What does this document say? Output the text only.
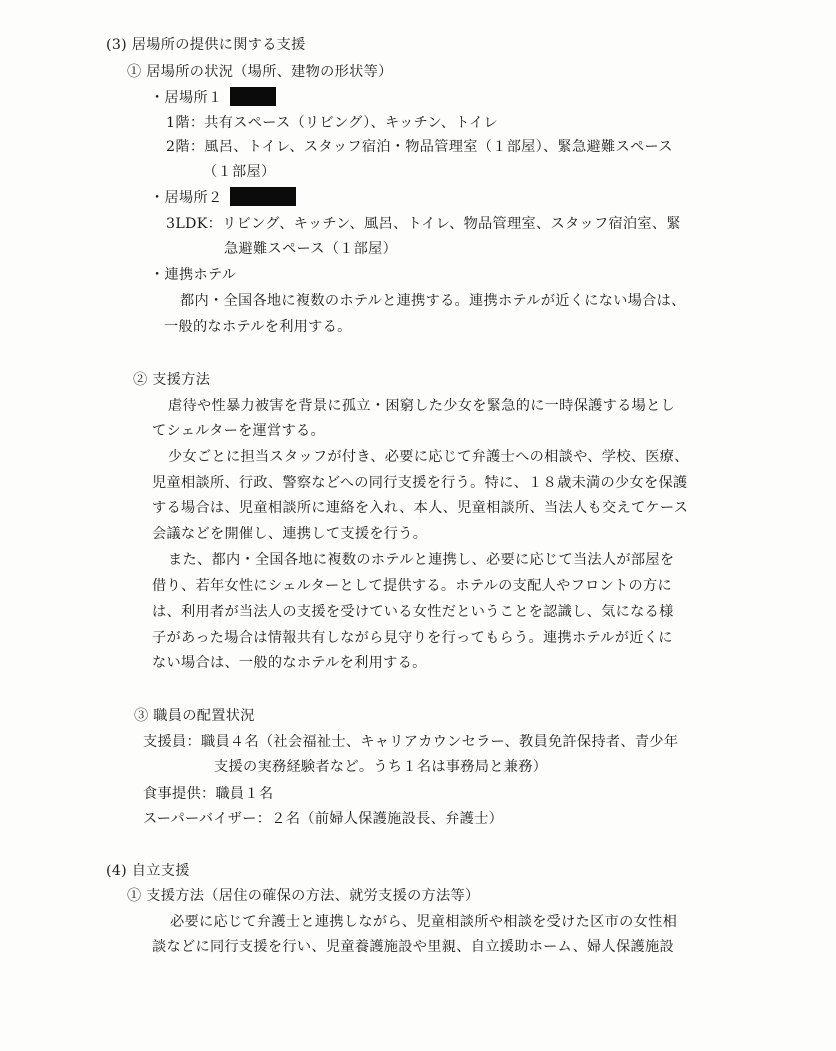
(3) 居場所の提供に関する支援
① 居場所の状況（場所、建物の形状等）
・居場所１
1階：共有スペース（リビング）、キッチン、トイレ
2階：風呂、トイレ、スタッフ宿泊・物品管理室（１部屋）、緊急避難スペース
（１部屋）
・居場所２
3LDK：リビング、キッチン、風呂、トイレ、物品管理室、スタッフ宿泊室、緊
急避難スペース（１部屋）
・連携ホテル
都内・全国各地に複数のホテルと連携する。連携ホテルが近くにない場合は、
一般的なホテルを利用する。
② 支援方法
虐待や性暴力被害を背景に孤立・困窮した少女を緊急的に一時保護する場とし
てシェルターを運営する。
少女ごとに担当スタッフが付き、必要に応じて弁護士への相談や、学校、医療、
児童相談所、行政、警察などへの同行支援を行う。特に、１８歳未満の少女を保護
する場合は、児童相談所に連絡を入れ、本人、児童相談所、当法人も交えてケース
会議などを開催し、連携して支援を行う。
また、都内・全国各地に複数のホテルと連携し、必要に応じて当法人が部屋を
借り、若年女性にシェルターとして提供する。ホテルの支配人やフロントの方に
は、利用者が当法人の支援を受けている女性だということを認識し、気になる様
子があった場合は情報共有しながら見守りを行ってもらう。連携ホテルが近くに
ない場合は、一般的なホテルを利用する。
③ 職員の配置状況
支援員：職員４名（社会福祉士、キャリアカウンセラー、教員免許保持者、青少年
支援の実務経験者など。うち１名は事務局と兼務）
食事提供：職員１名
スーパーバイザー：２名（前婦人保護施設長、弁護士）
(4) 自立支援
① 支援方法（居住の確保の方法、就労支援の方法等）
必要に応じて弁護士と連携しながら、児童相談所や相談を受けた区市の女性相
談などに同行支援を行い、児童養護施設や里親、自立援助ホーム、婦人保護施設
